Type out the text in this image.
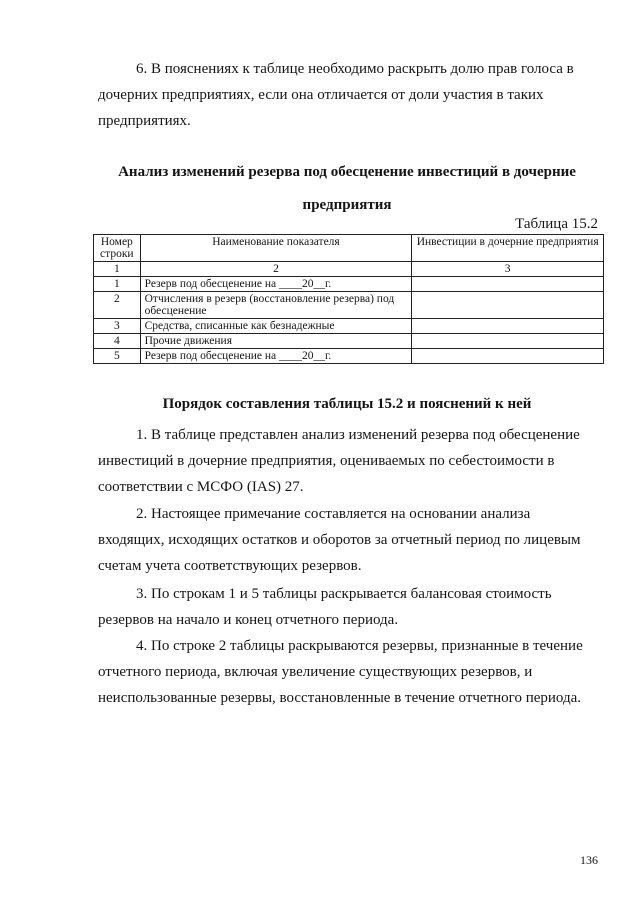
6. В пояснениях к таблице необходимо раскрыть долю прав голоса в
дочерних предприятиях, если она отличается от доли участия в таких
предприятиях.
Анализ изменений резерва под обесценение инвестиций в дочерние
предприятия
Таблица 15.2
Номер строки	Наименование показателя	Инвестиции в дочерние предприятия
1	2	3
1	Резерв под обесценение на ____20__г.	
2	Отчисления в резерв (восстановление резерва) под обесценение	
3	Средства, списанные как безнадежные	
4	Прочие движения	
5	Резерв под обесценение на ____20__г.	
Порядок составления таблицы 15.2 и пояснений к ней
1. В таблице представлен анализ изменений резерва под обесценение
инвестиций в дочерние предприятия, оцениваемых по себестоимости в
соответствии с МСФО (IAS) 27.
2. Настоящее примечание составляется на основании анализа
входящих, исходящих остатков и оборотов за отчетный период по лицевым
счетам учета соответствующих резервов.
3. По строкам 1 и 5 таблицы раскрывается балансовая стоимость
резервов на начало и конец отчетного периода.
4. По строке 2 таблицы раскрываются резервы, признанные в течение
отчетного периода, включая увеличение существующих резервов, и
неиспользованные резервы, восстановленные в течение отчетного периода.
136
